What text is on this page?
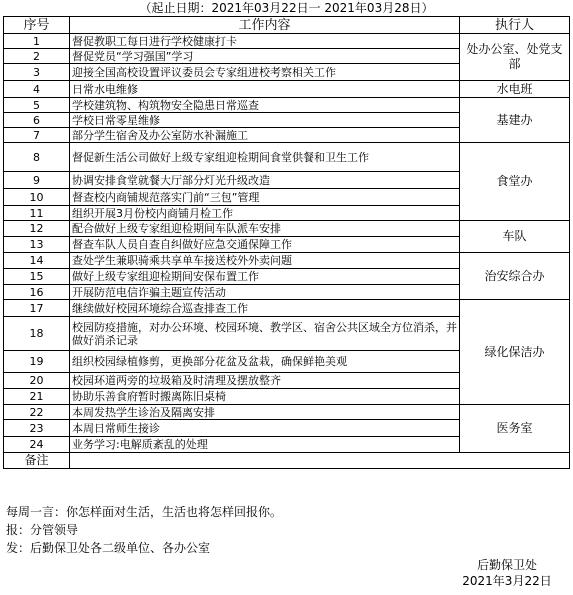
（起止日期：2021年03月22日一 2021年03月28日）
序号	工作内容	执行人
1	督促教职工每日进行学校健康打卡	处办公室、处党支部
2	督促党员“学习强国”学习	
3	迎接全国高校设置评议委员会专家组进校考察相关工作	
4	日常水电维修	水电班
5	学校建筑物、构筑物安全隐患日常巡查	基建办
6	学校日常零星维修	
7	部分学生宿舍及办公室防水补漏施工	
8	督促新生活公司做好上级专家组迎检期间食堂供餐和卫生工作	食堂办
9	协调安排食堂就餐大厅部分灯光升级改造	
10	督查校内商铺规范落实门前“三包”管理	
11	组织开展3月份校内商铺月检工作	
12	配合做好上级专家组迎检期间车队派车安排	车队
13	督查车队人员自查自纠做好应急交通保障工作	
14	查处学生兼职骑乘共享单车接送校外外卖问题	治安综合办
15	做好上级专家组迎检期间安保布置工作	
16	开展防范电信诈骗主题宣传活动	
17	继续做好校园环境综合巡查排查工作	绿化保洁办
18	校园防疫措施，对办公环境、校园环境、教学区、宿舍公共区域全方位消杀，并做好消杀记录	
19	组织校园绿植修剪，更换部分花盆及盆栽，确保鲜艳美观	
20	校园环道两旁的垃圾箱及时清理及摆放整齐	
21	协助乐善食府暂时搬离陈旧桌椅	
22	本周发热学生诊治及隔离安排	医务室
23	本周日常师生接诊	
24	业务学习:电解质紊乱的处理	
备注		
每周一言：你怎样面对生活，生活也将怎样回报你。
报：分管领导
发：后勤保卫处各二级单位、各办公室
后勤保卫处
2021年3月22日
